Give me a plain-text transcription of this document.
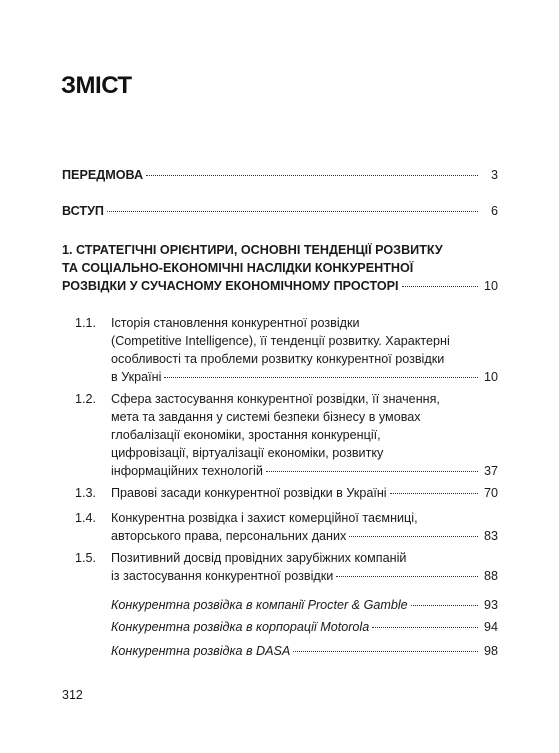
ЗМІСТ
ПЕРЕДМОВА	3
ВСТУП	6
1. СТРАТЕГІЧНІ ОРІЄНТИРИ, ОСНОВНІ ТЕНДЕНЦІЇ РОЗВИТКУ
ТА СОЦІАЛЬНО-ЕКОНОМІЧНІ НАСЛІДКИ КОНКУРЕНТНОЇ
РОЗВІДКИ У СУЧАСНОМУ ЕКОНОМІЧНОМУ ПРОСТОРІ	10
1.1. Історія становлення конкурентної розвідки
(Competitive Intelligence), її тенденції розвитку. Характерні
особливості та проблеми розвитку конкурентної розвідки
в Україні	10
1.2. Сфера застосування конкурентної розвідки, її значення,
мета та завдання у системі безпеки бізнесу в умовах
глобалізації економіки, зростання конкуренції,
цифровізації, віртуалізації економіки, розвитку
інформаційних технологій	37
1.3. Правові засади конкурентної розвідки в Україні	70
1.4. Конкурентна розвідка і захист комерційної таємниці,
авторського права, персональних даних	83
1.5. Позитивний досвід провідних зарубіжних компаній
із застосування конкурентної розвідки	88
Конкурентна розвідка в компанії Procter & Gamble	93
Конкурентна розвідка в корпорації Motorola	94
Конкурентна розвідка в DASA	98
312
